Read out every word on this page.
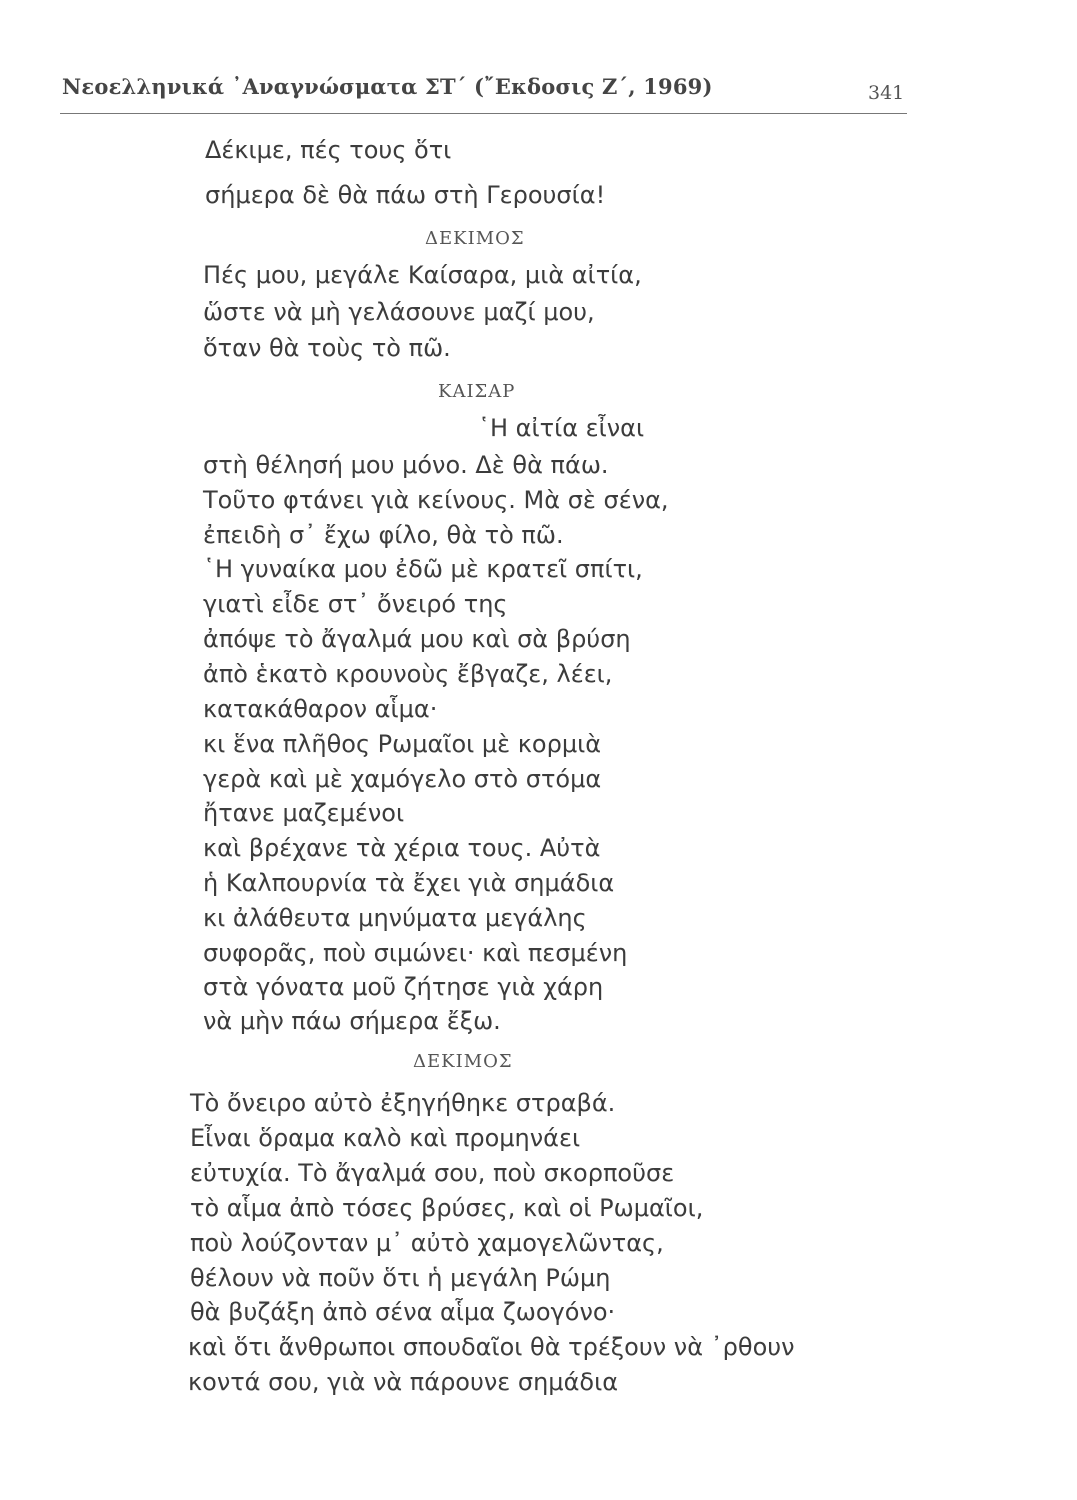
Νεοελληνικά ᾿Αναγνώσματα ΣΤ΄ (῎Εκδοσις Ζ΄, 1969)	341
Δέκιμε, πές τους ὅτι
σήμερα δὲ θὰ πάω στὴ Γερουσία!
ΔΕΚΙΜΟΣ
Πές μου, μεγάλε Καίσαρα, μιὰ αἰτία,
ὥστε νὰ μὴ γελάσουνε μαζί μου,
ὅταν θὰ τοὺς τὸ πῶ.
ΚΑΙΣΑΡ
῾Η αἰτία εἶναι
στὴ θέλησή μου μόνο. Δὲ θὰ πάω.
Τοῦτο φτάνει γιὰ κείνους. Μὰ σὲ σένα,
ἐπειδὴ σ᾿ ἔχω φίλο, θὰ τὸ πῶ.
῾Η γυναίκα μου ἐδῶ μὲ κρατεῖ σπίτι,
γιατὶ εἶδε στ᾿ ὄνειρό της
ἀπόψε τὸ ἄγαλμά μου καὶ σὰ βρύση
ἀπὸ ἑκατὸ κρουνοὺς ἔβγαζε, λέει,
κατακάθαρον αἷμα·
κι ἕνα πλῆθος Ρωμαῖοι μὲ κορμιὰ
γερὰ καὶ μὲ χαμόγελο στὸ στόμα
ἤτανε μαζεμένοι
καὶ βρέχανε τὰ χέρια τους. Αὐτὰ
ἡ Καλπουρνία τὰ ἔχει γιὰ σημάδια
κι ἀλάθευτα μηνύματα μεγάλης
συφορᾶς, ποὺ σιμώνει· καὶ πεσμένη
στὰ γόνατα μοῦ ζήτησε γιὰ χάρη
νὰ μὴν πάω σήμερα ἔξω.
ΔΕΚΙΜΟΣ
Τὸ ὄνειρο αὐτὸ ἐξηγήθηκε στραβά.
Εἶναι ὅραμα καλὸ καὶ προμηνάει
εὐτυχία. Τὸ ἄγαλμά σου, ποὺ σκορποῦσε
τὸ αἷμα ἀπὸ τόσες βρύσες, καὶ οἱ Ρωμαῖοι,
ποὺ λούζονταν μ᾿ αὐτὸ χαμογελῶντας,
θέλουν νὰ ποῦν ὅτι ἡ μεγάλη Ρώμη
θὰ βυζάξη ἀπὸ σένα αἷμα ζωογόνο·
καὶ ὅτι ἄνθρωποι σπουδαῖοι θὰ τρέξουν νὰ ᾿ρθουν
κοντά σου, γιὰ νὰ πάρουνε σημάδια
